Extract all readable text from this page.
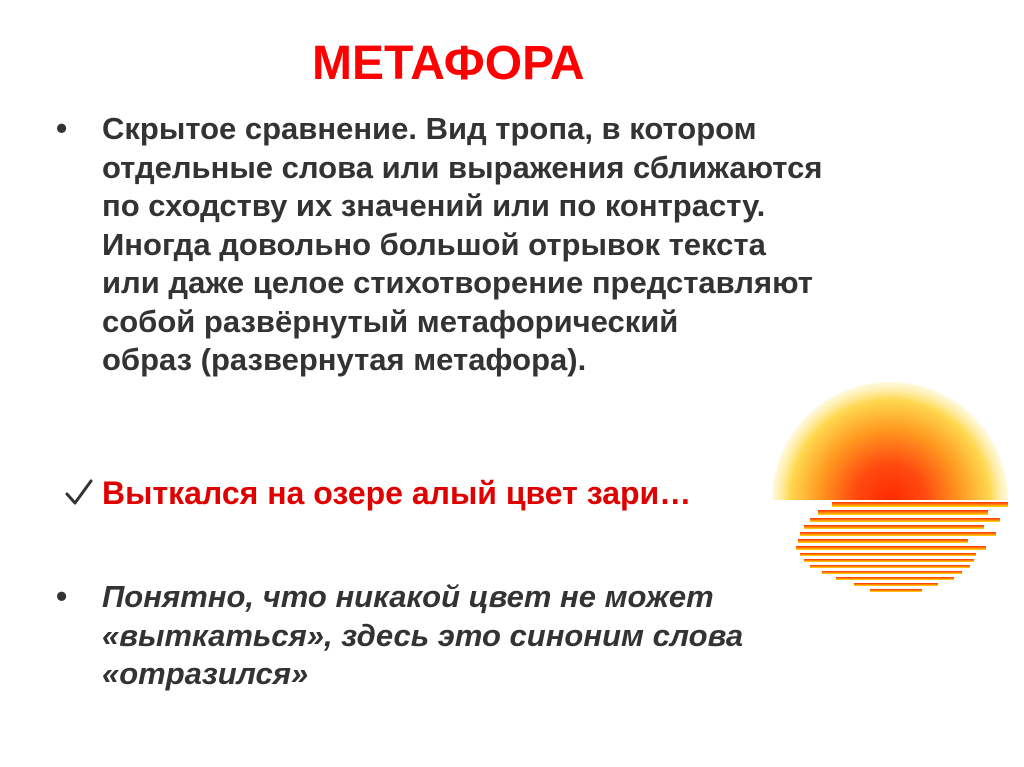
МЕТАФОРА
• Скрытое сравнение. Вид тропа, в котором
отдельные слова или выражения сближаются
по сходству их значений или по контрасту.
Иногда довольно большой отрывок текста
или даже целое стихотворение представляют
собой развёрнутый метафорический
образ (развернутая метафора).
Выткался на озере алый цвет зари…
• Понятно, что никакой цвет не может
«выткаться», здесь это синоним слова
«отразился»
